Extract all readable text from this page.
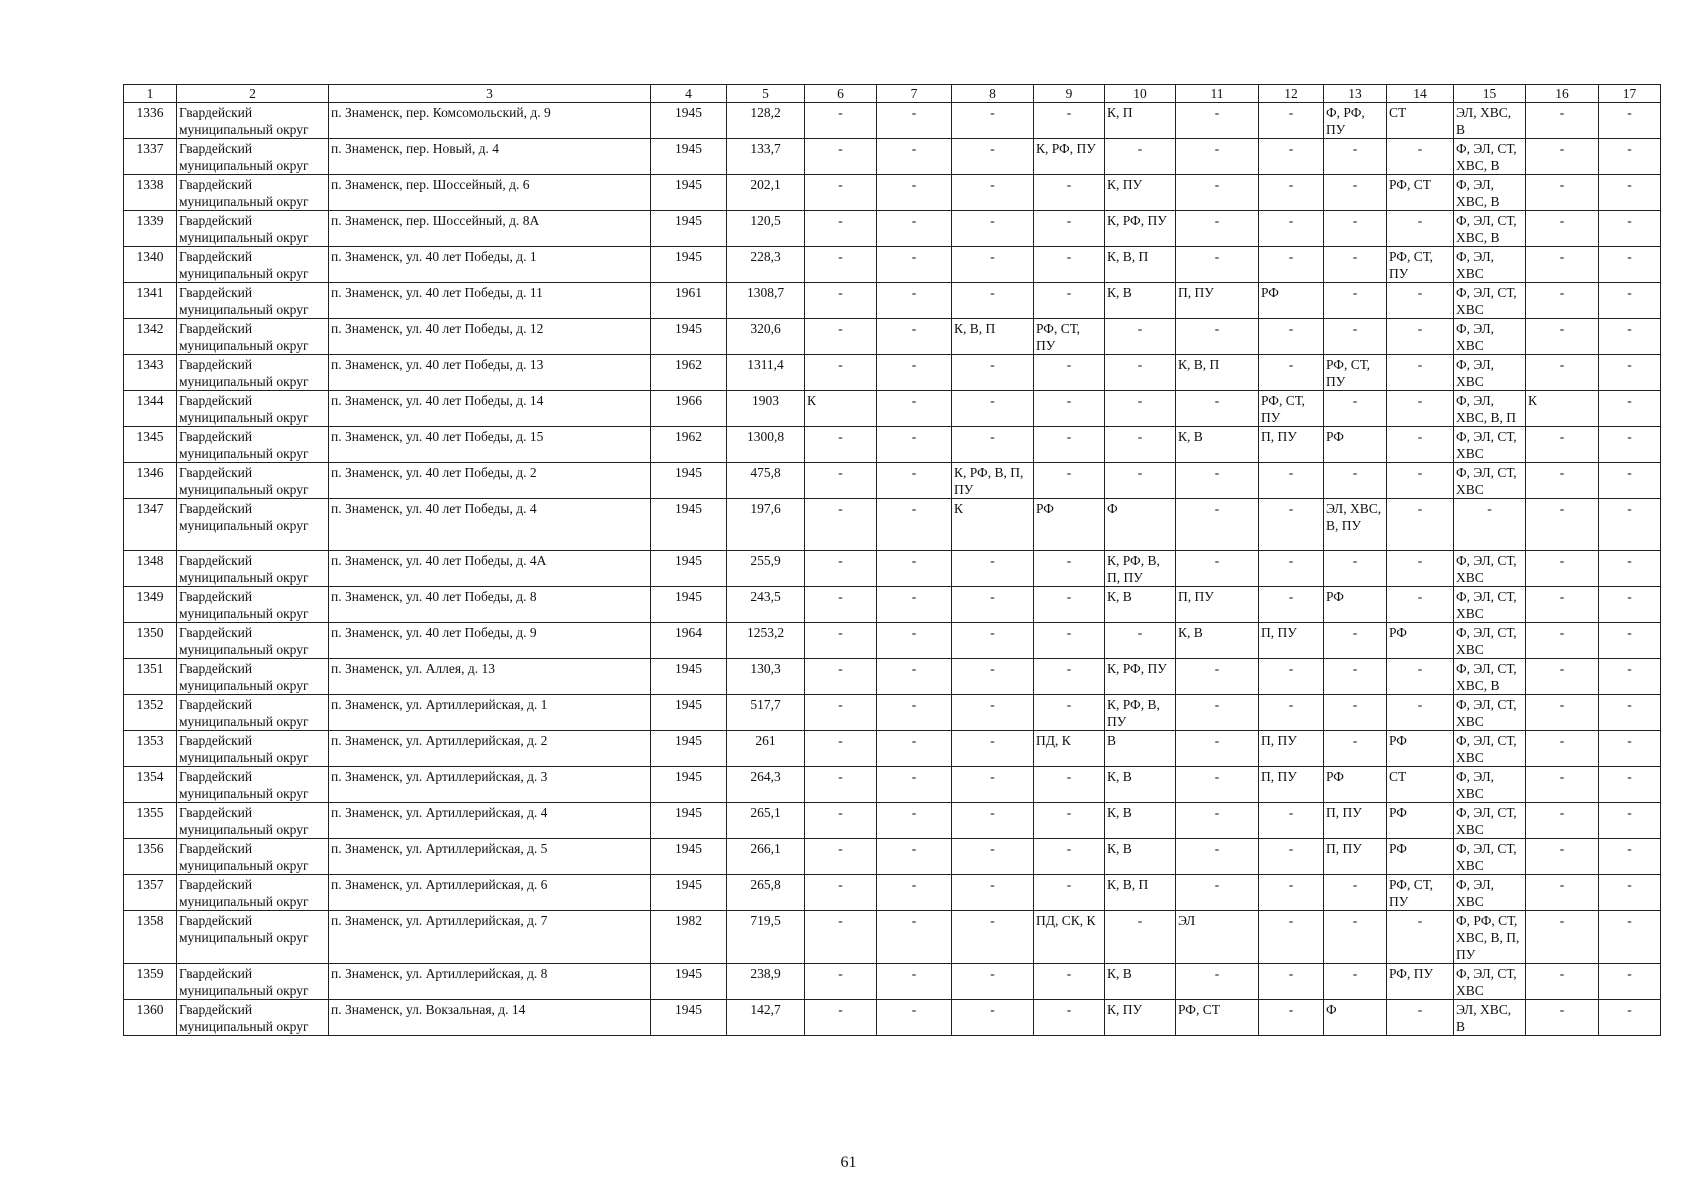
1	2	3	4	5	6	7	8	9	10	11	12	13	14	15	16	17
1336	Гвардейский муниципальный округ	п. Знаменск, пер. Комсомольский, д. 9	1945	128,2	-	-	-	-	К, П	-	-	Ф, РФ, ПУ	СТ	ЭЛ, ХВС, В	-	-
1337	Гвардейский муниципальный округ	п. Знаменск, пер. Новый, д. 4	1945	133,7	-	-	-	К, РФ, ПУ	-	-	-	-	-	Ф, ЭЛ, СТ, ХВС, В	-	-
1338	Гвардейский муниципальный округ	п. Знаменск, пер. Шоссейный, д. 6	1945	202,1	-	-	-	-	К, ПУ	-	-	-	РФ, СТ	Ф, ЭЛ, ХВС, В	-	-
1339	Гвардейский муниципальный округ	п. Знаменск, пер. Шоссейный, д. 8А	1945	120,5	-	-	-	-	К, РФ, ПУ	-	-	-	-	Ф, ЭЛ, СТ, ХВС, В	-	-
1340	Гвардейский муниципальный округ	п. Знаменск, ул. 40 лет Победы, д. 1	1945	228,3	-	-	-	-	К, В, П	-	-	-	РФ, СТ, ПУ	Ф, ЭЛ, ХВС	-	-
1341	Гвардейский муниципальный округ	п. Знаменск, ул. 40 лет Победы, д. 11	1961	1308,7	-	-	-	-	К, В	П, ПУ	РФ	-	-	Ф, ЭЛ, СТ, ХВС	-	-
1342	Гвардейский муниципальный округ	п. Знаменск, ул. 40 лет Победы, д. 12	1945	320,6	-	-	К, В, П	РФ, СТ, ПУ	-	-	-	-	-	Ф, ЭЛ, ХВС	-	-
1343	Гвардейский муниципальный округ	п. Знаменск, ул. 40 лет Победы, д. 13	1962	1311,4	-	-	-	-	-	К, В, П	-	РФ, СТ, ПУ	-	Ф, ЭЛ, ХВС	-	-
1344	Гвардейский муниципальный округ	п. Знаменск, ул. 40 лет Победы, д. 14	1966	1903	К	-	-	-	-	-	РФ, СТ, ПУ	-	-	Ф, ЭЛ, ХВС, В, П	К	-
1345	Гвардейский муниципальный округ	п. Знаменск, ул. 40 лет Победы, д. 15	1962	1300,8	-	-	-	-	-	К, В	П, ПУ	РФ	-	Ф, ЭЛ, СТ, ХВС	-	-
1346	Гвардейский муниципальный округ	п. Знаменск, ул. 40 лет Победы, д. 2	1945	475,8	-	-	К, РФ, В, П, ПУ	-	-	-	-	-	-	Ф, ЭЛ, СТ, ХВС	-	-
1347	Гвардейский муниципальный округ	п. Знаменск, ул. 40 лет Победы, д. 4	1945	197,6	-	-	К	РФ	Ф	-	-	ЭЛ, ХВС, В, ПУ	-	-	-	-
1348	Гвардейский муниципальный округ	п. Знаменск, ул. 40 лет Победы, д. 4А	1945	255,9	-	-	-	-	К, РФ, В, П, ПУ	-	-	-	-	Ф, ЭЛ, СТ, ХВС	-	-
1349	Гвардейский муниципальный округ	п. Знаменск, ул. 40 лет Победы, д. 8	1945	243,5	-	-	-	-	К, В	П, ПУ	-	РФ	-	Ф, ЭЛ, СТ, ХВС	-	-
1350	Гвардейский муниципальный округ	п. Знаменск, ул. 40 лет Победы, д. 9	1964	1253,2	-	-	-	-	-	К, В	П, ПУ	-	РФ	Ф, ЭЛ, СТ, ХВС	-	-
1351	Гвардейский муниципальный округ	п. Знаменск, ул. Аллея, д. 13	1945	130,3	-	-	-	-	К, РФ, ПУ	-	-	-	-	Ф, ЭЛ, СТ, ХВС, В	-	-
1352	Гвардейский муниципальный округ	п. Знаменск, ул. Артиллерийская, д. 1	1945	517,7	-	-	-	-	К, РФ, В, ПУ	-	-	-	-	Ф, ЭЛ, СТ, ХВС	-	-
1353	Гвардейский муниципальный округ	п. Знаменск, ул. Артиллерийская, д. 2	1945	261	-	-	-	ПД, К	В	-	П, ПУ	-	РФ	Ф, ЭЛ, СТ, ХВС	-	-
1354	Гвардейский муниципальный округ	п. Знаменск, ул. Артиллерийская, д. 3	1945	264,3	-	-	-	-	К, В	-	П, ПУ	РФ	СТ	Ф, ЭЛ, ХВС	-	-
1355	Гвардейский муниципальный округ	п. Знаменск, ул. Артиллерийская, д. 4	1945	265,1	-	-	-	-	К, В	-	-	П, ПУ	РФ	Ф, ЭЛ, СТ, ХВС	-	-
1356	Гвардейский муниципальный округ	п. Знаменск, ул. Артиллерийская, д. 5	1945	266,1	-	-	-	-	К, В	-	-	П, ПУ	РФ	Ф, ЭЛ, СТ, ХВС	-	-
1357	Гвардейский муниципальный округ	п. Знаменск, ул. Артиллерийская, д. 6	1945	265,8	-	-	-	-	К, В, П	-	-	-	РФ, СТ, ПУ	Ф, ЭЛ, ХВС	-	-
1358	Гвардейский муниципальный округ	п. Знаменск, ул. Артиллерийская, д. 7	1982	719,5	-	-	-	ПД, СК, К	-	ЭЛ	-	-	-	Ф, РФ, СТ, ХВС, В, П, ПУ	-	-
1359	Гвардейский муниципальный округ	п. Знаменск, ул. Артиллерийская, д. 8	1945	238,9	-	-	-	-	К, В	-	-	-	РФ, ПУ	Ф, ЭЛ, СТ, ХВС	-	-
1360	Гвардейский муниципальный округ	п. Знаменск, ул. Вокзальная, д. 14	1945	142,7	-	-	-	-	К, ПУ	РФ, СТ	-	Ф	-	ЭЛ, ХВС, В	-	-
61
